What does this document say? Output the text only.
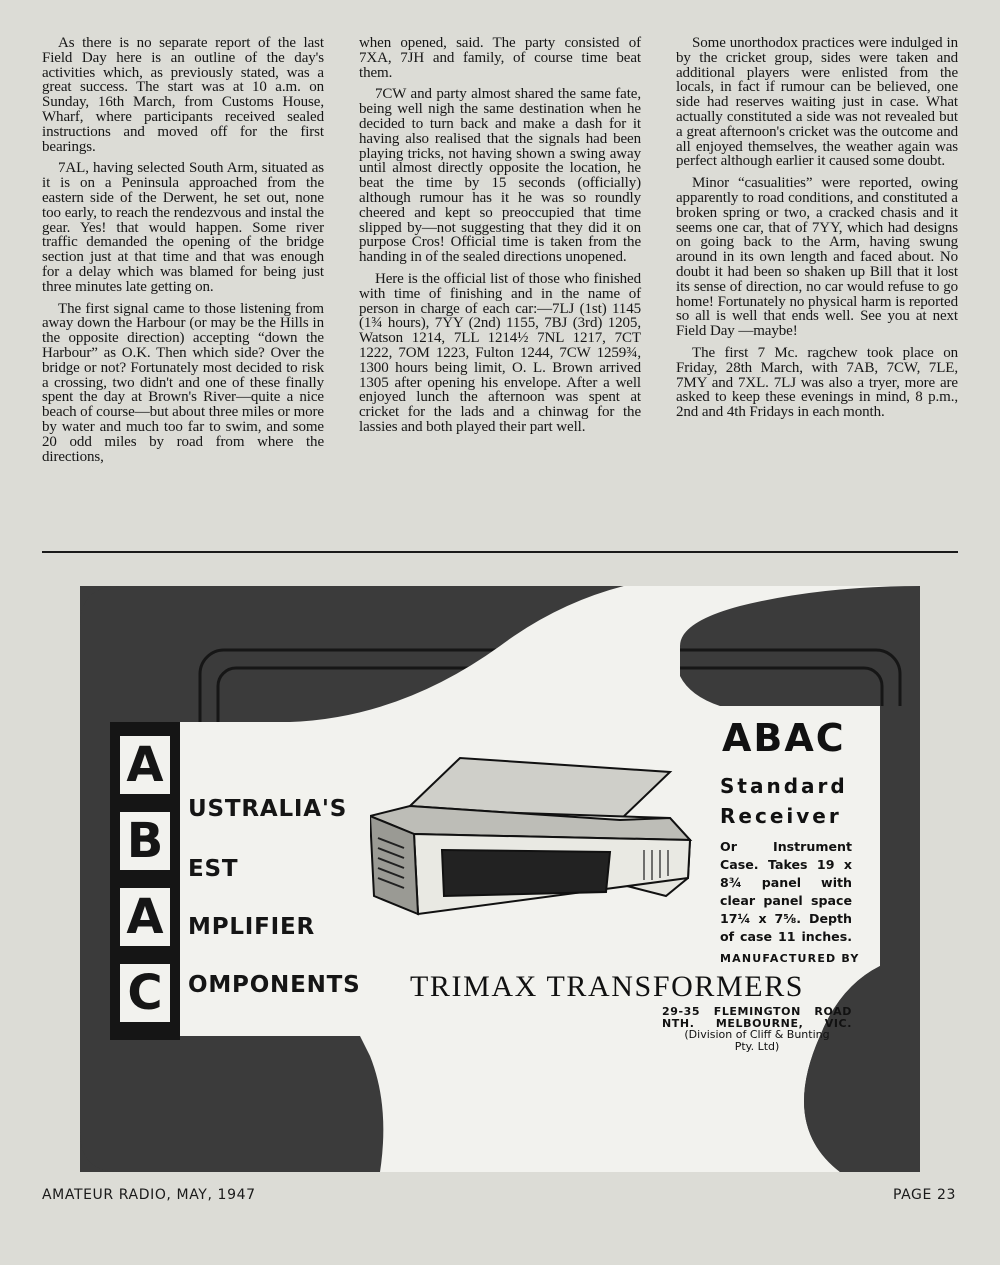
As there is no separate report of the last Field Day here is an outline of the day's activities which, as previously stated, was a great success. The start was at 10 a.m. on Sunday, 16th March, from Customs House, Wharf, where participants received sealed instructions and moved off for the first bearings.

7AL, having selected South Arm, situated as it is on a Peninsula approached from the eastern side of the Derwent, he set out, none too early, to reach the rendezvous and instal the gear. Yes! that would happen. Some river traffic demanded the opening of the bridge section just at that time and that was enough for a delay which was blamed for being just three minutes late getting on.

The first signal came to those listening from away down the Harbour (or may be the Hills in the opposite direction) accepting “down the Harbour” as O.K. Then which side? Over the bridge or not? Fortunately most decided to risk a crossing, two didn't and one of these finally spent the day at Brown's River—quite a nice beach of course—but about three miles or more by water and much too far to swim, and some 20 odd miles by road from where the directions,

when opened, said. The party consisted of 7XA, 7JH and family, of course time beat them.

7CW and party almost shared the same fate, being well nigh the same destination when he decided to turn back and make a dash for it having also realised that the signals had been playing tricks, not having shown a swing away until almost directly opposite the location, he beat the time by 15 seconds (officially) although rumour has it he was so roundly cheered and kept so preoccupied that time slipped by—not suggesting that they did it on purpose Cros! Official time is taken from the handing in of the sealed directions unopened.

Here is the official list of those who finished with time of finishing and in the name of person in charge of each car:—7LJ (1st) 1145 (1¾ hours), 7YY (2nd) 1155, 7BJ (3rd) 1205, Watson 1214, 7LL 1214½ 7NL 1217, 7CT 1222, 7OM 1223, Fulton 1244, 7CW 1259¾, 1300 hours being limit, O. L. Brown arrived 1305 after opening his envelope. After a well enjoyed lunch the afternoon was spent at cricket for the lads and a chinwag for the lassies and both played their part well.

Some unorthodox practices were indulged in by the cricket group, sides were taken and additional players were enlisted from the locals, in fact if rumour can be believed, one side had reserves waiting just in case. What actually constituted a side was not revealed but a great afternoon's cricket was the outcome and all enjoyed themselves, the weather again was perfect although earlier it caused some doubt.

Minor “casualities” were reported, owing apparently to road conditions, and constituted a broken spring or two, a cracked chasis and it seems one car, that of 7YY, which had designs on going back to the Arm, having swung around in its own length and faced about. No doubt it had been so shaken up Bill that it lost its sense of direction, no car would refuse to go home! Fortunately no physical harm is reported so all is well that ends well. See you at next Field Day —maybe!

The first 7 Mc. ragchew took place on Friday, 28th March, with 7AB, 7CW, 7LE, 7MY and 7XL. 7LJ was also a tryer, more are asked to keep these evenings in mind, 8 p.m., 2nd and 4th Fridays in each month.

A
B
A
C
USTRALIA'S
EST
MPLIFIER
OMPONENTS
ABAC
Standard
Receiver
Or Instrument Case. Takes 19 x 8¾ panel with clear panel space 17¼ x 7⅝. Depth of case 11 inches.
MANUFACTURED BY
TRIMAX TRANSFORMERS
29-35 FLEMINGTON ROAD
NTH. MELBOURNE, VIC.
(Division of Cliff & Bunting
Pty. Ltd)
AMATEUR RADIO, MAY, 1947	PAGE 23
